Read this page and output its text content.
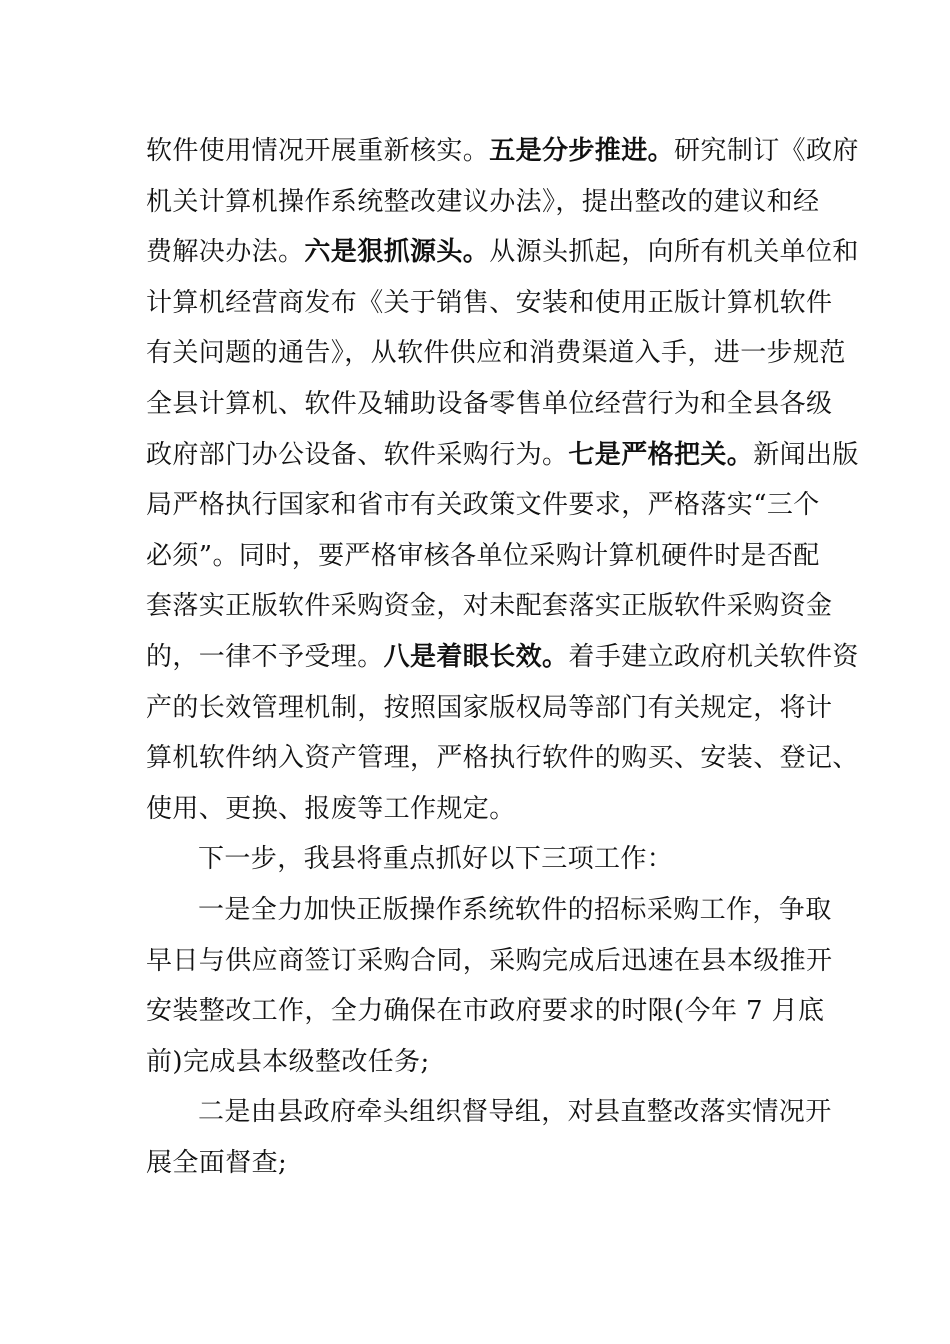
软件使用情况开展重新核实。五是分步推进。研究制订《政府
机关计算机操作系统整改建议办法》，提出整改的建议和经
费解决办法。六是狠抓源头。从源头抓起，向所有机关单位和
计算机经营商发布《关于销售、安装和使用正版计算机软件
有关问题的通告》，从软件供应和消费渠道入手，进一步规范
全县计算机、软件及辅助设备零售单位经营行为和全县各级
政府部门办公设备、软件采购行为。七是严格把关。新闻出版
局严格执行国家和省市有关政策文件要求，严格落实“三个
必须”。同时，要严格审核各单位采购计算机硬件时是否配
套落实正版软件采购资金，对未配套落实正版软件采购资金
的，一律不予受理。八是着眼长效。着手建立政府机关软件资
产的长效管理机制，按照国家版权局等部门有关规定，将计
算机软件纳入资产管理，严格执行软件的购买、安装、登记、
使用、更换、报废等工作规定。
下一步，我县将重点抓好以下三项工作：
一是全力加快正版操作系统软件的招标采购工作，争取
早日与供应商签订采购合同，采购完成后迅速在县本级推开
安装整改工作，全力确保在市政府要求的时限(今年 7 月底
前)完成县本级整改任务;
二是由县政府牵头组织督导组，对县直整改落实情况开
展全面督查;
